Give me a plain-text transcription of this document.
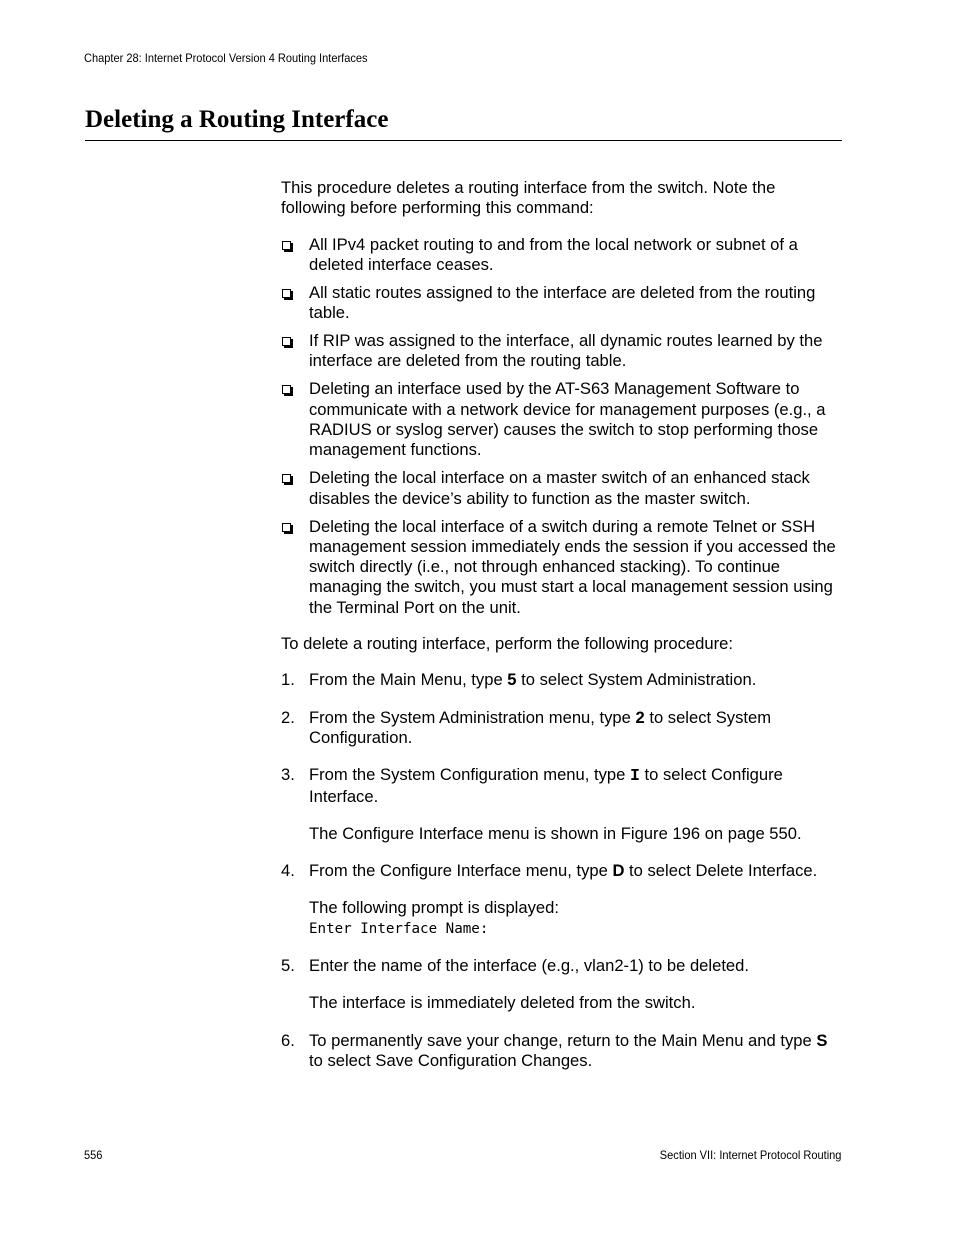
Chapter 28: Internet Protocol Version 4 Routing Interfaces
Deleting a Routing Interface

This procedure deletes a routing interface from the switch. Note the following before performing this command:

All IPv4 packet routing to and from the local network or subnet of a deleted interface ceases.
All static routes assigned to the interface are deleted from the routing table.
If RIP was assigned to the interface, all dynamic routes learned by the interface are deleted from the routing table.
Deleting an interface used by the AT-S63 Management Software to communicate with a network device for management purposes (e.g., a RADIUS or syslog server) causes the switch to stop performing those management functions.
Deleting the local interface on a master switch of an enhanced stack disables the device’s ability to function as the master switch.
Deleting the local interface of a switch during a remote Telnet or SSH management session immediately ends the session if you accessed the switch directly (i.e., not through enhanced stacking). To continue managing the switch, you must start a local management session using the Terminal Port on the unit.

To delete a routing interface, perform the following procedure:

1. From the Main Menu, type 5 to select System Administration.

2. From the System Administration menu, type 2 to select System Configuration.

3. From the System Configuration menu, type I to select Configure Interface.

The Configure Interface menu is shown in Figure 196 on page 550.

4. From the Configure Interface menu, type D to select Delete Interface.

The following prompt is displayed:

Enter Interface Name:

5. Enter the name of the interface (e.g., vlan2-1) to be deleted.

The interface is immediately deleted from the switch.

6. To permanently save your change, return to the Main Menu and type S to select Save Configuration Changes.

556	Section VII: Internet Protocol Routing
